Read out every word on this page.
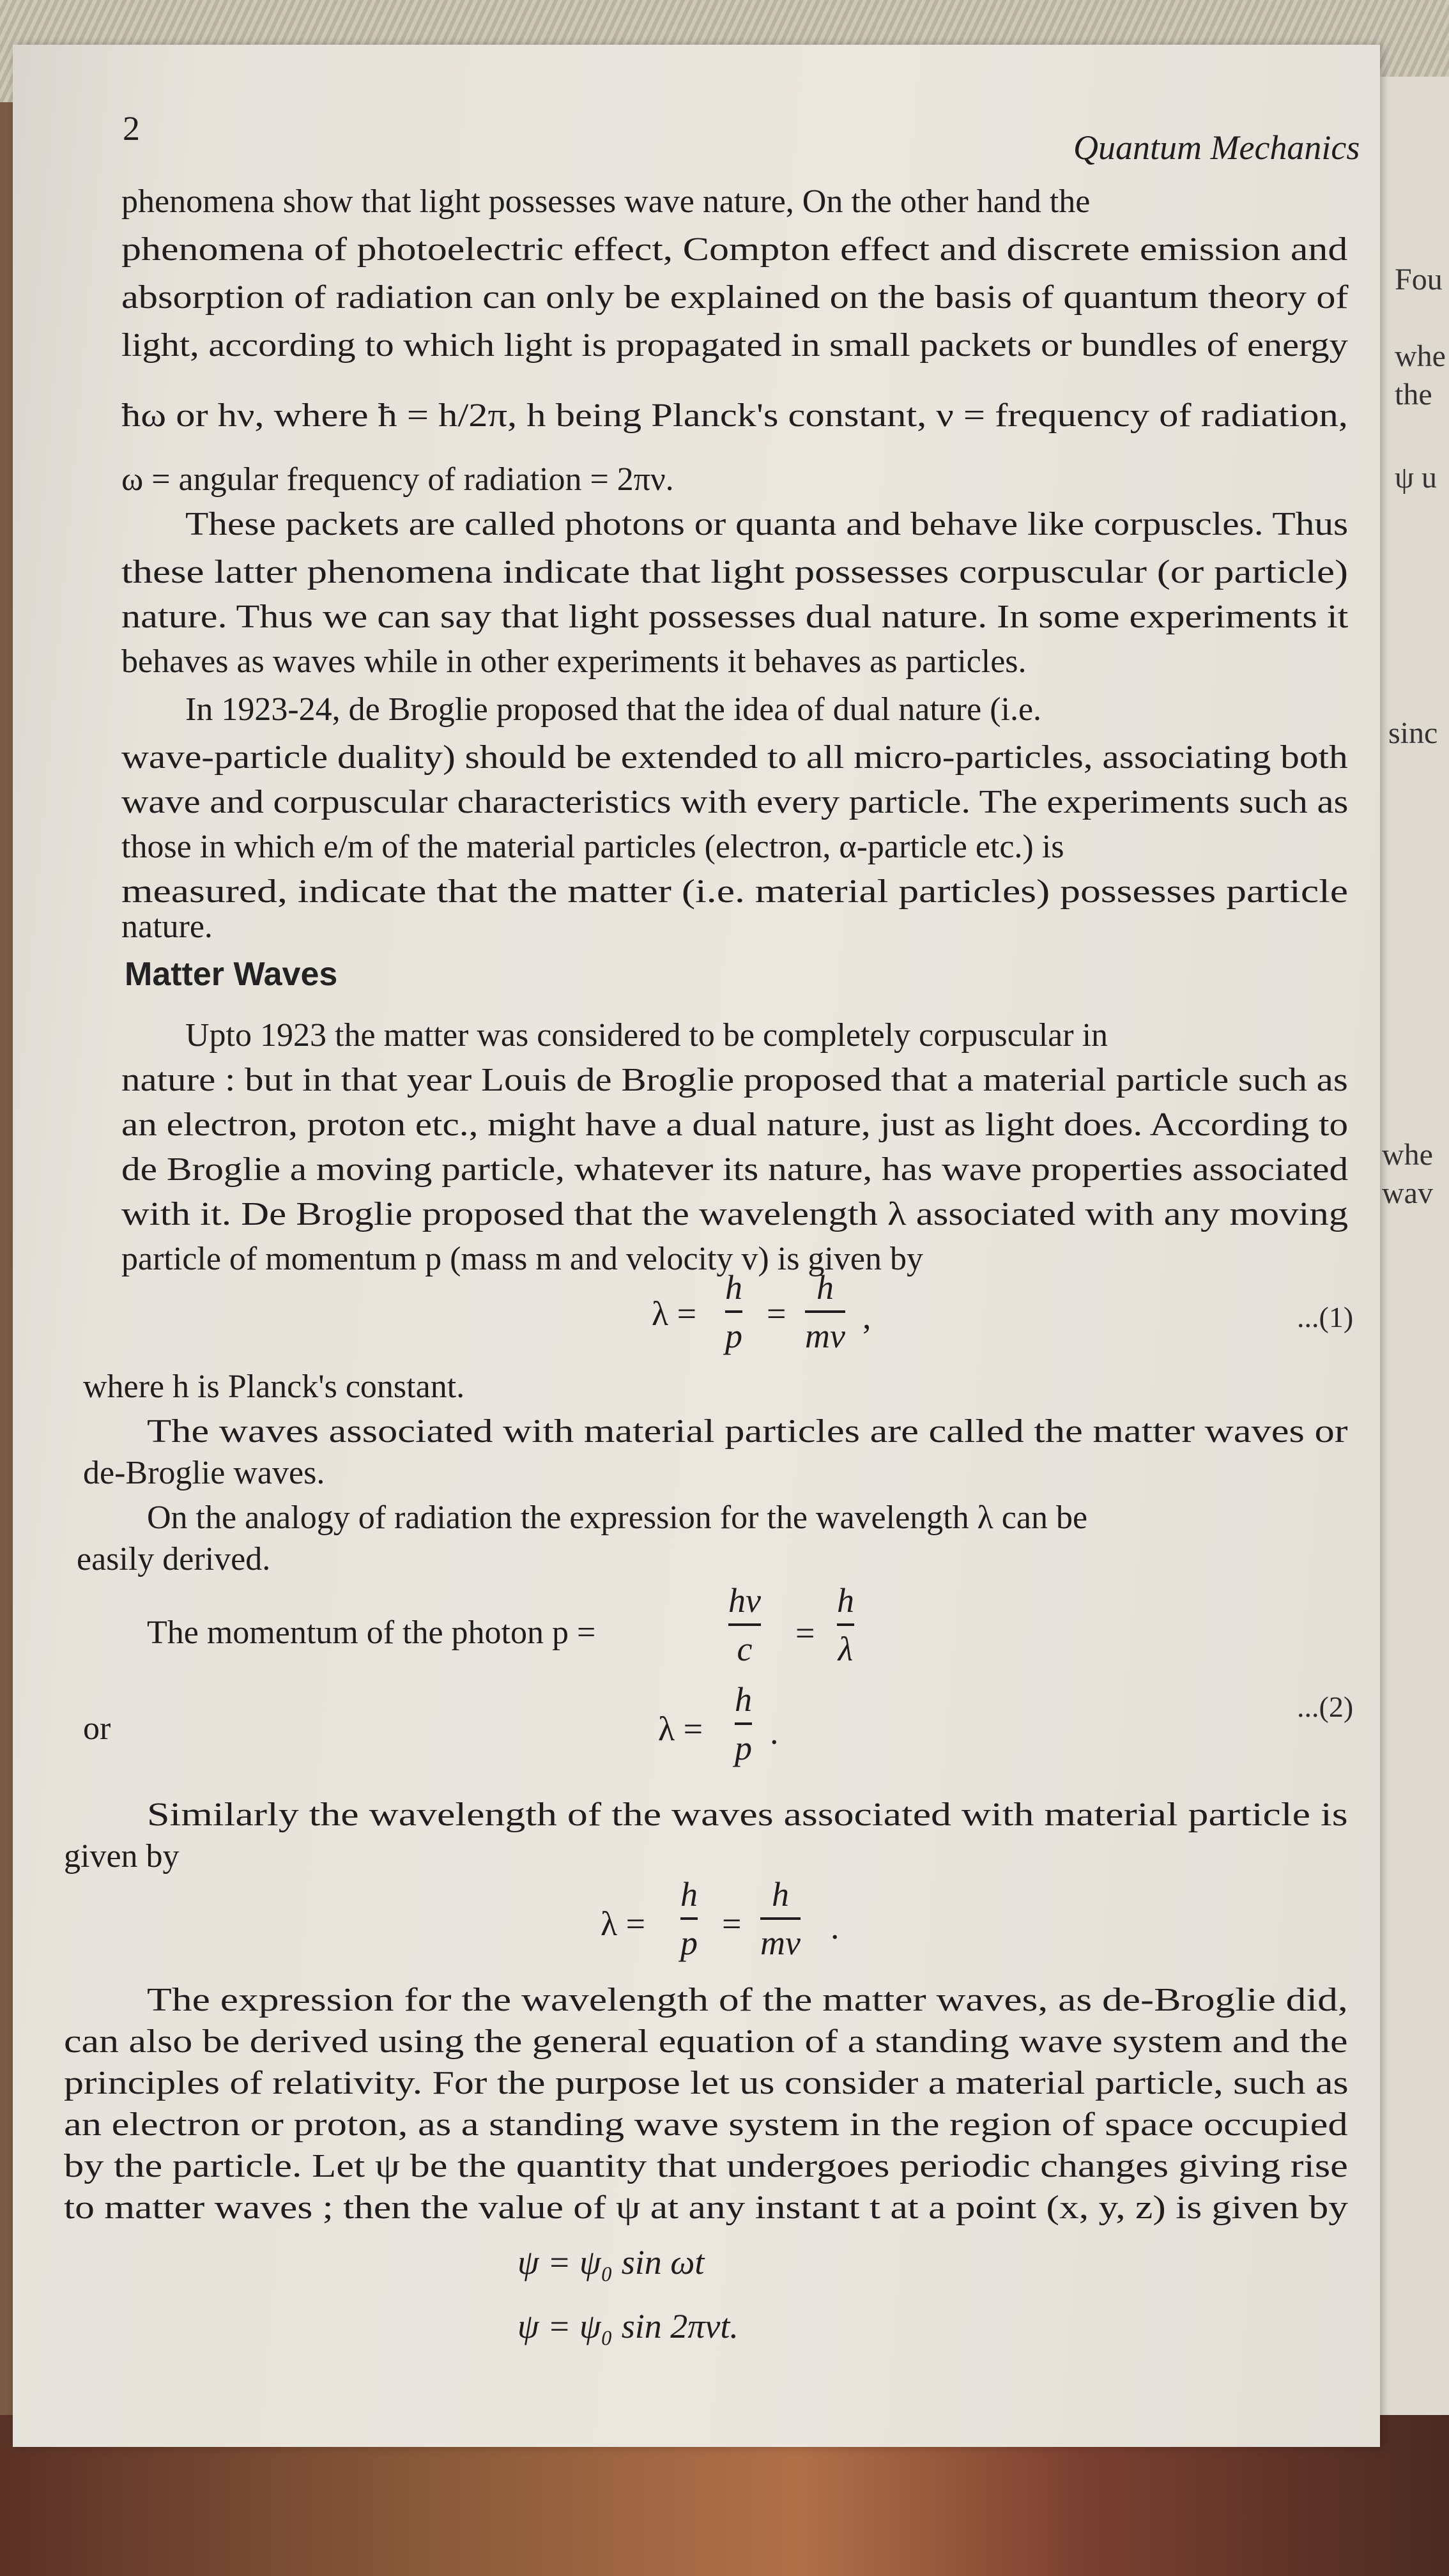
Fou
whe
the
ψ u
sinc
whe
wav
2	Quantum Mechanics
phenomena show that light possesses wave nature, On the other hand the
phenomena of photoelectric effect, Compton effect and discrete emission and
absorption of radiation can only be explained on the basis of quantum theory of
light, according to which light is propagated in small packets or bundles of energy
ħω or hν, where ħ = h/2π, h being Planck's constant, ν = frequency of radiation,
ω = angular frequency of radiation = 2πν.
These packets are called photons or quanta and behave like corpuscles. Thus
these latter phenomena indicate that light possesses corpuscular (or particle)
nature. Thus we can say that light possesses dual nature. In some experiments it
behaves as waves while in other experiments it behaves as particles.
In 1923-24, de Broglie proposed that the idea of dual nature (i.e.
wave-particle duality) should be extended to all micro-particles, associating both
wave and corpuscular characteristics with every particle. The experiments such as
those in which e/m of the material particles (electron, α-particle etc.) is
measured, indicate that the matter (i.e. material particles) possesses particle
nature.
Matter Waves
Upto 1923 the matter was considered to be completely corpuscular in
nature : but in that year Louis de Broglie proposed that a material particle such as
an electron, proton etc., might have a dual nature, just as light does. According to
de Broglie a moving particle, whatever its nature, has wave properties associated
with it. De Broglie proposed that the wavelength λ associated with any moving
particle of momentum p (mass m and velocity v) is given by
λ =
h
p
=
h
mv ,	...(1)
where h is Planck's constant.
The waves associated with material particles are called the matter waves or
de-Broglie waves.
On the analogy of radiation the expression for the wavelength λ can be
easily derived.
The momentum of the photon p =
hν
c =
h
λ
or	λ =
h
p .
...(2)
Similarly the wavelength of the waves associated with material particle is
given by
λ =
h
p =
h
mv .
The expression for the wavelength of the matter waves, as de-Broglie did,
can also be derived using the general equation of a standing wave system and the
principles of relativity. For the purpose let us consider a material particle, such as
an electron or proton, as a standing wave system in the region of space occupied
by the particle. Let ψ be the quantity that undergoes periodic changes giving rise
to matter waves ; then the value of ψ at any instant t at a point (x, y, z) is given by
ψ = ψ₀ sin ωt
ψ = ψ₀ sin 2πνt.
